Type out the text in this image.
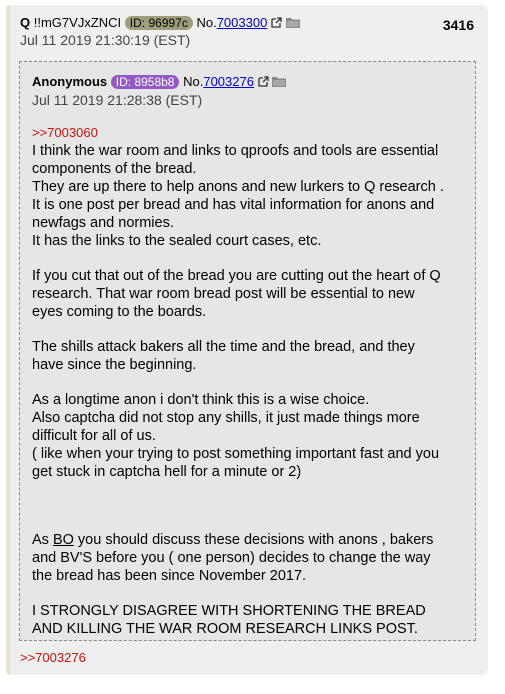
Q !!mG7VJxZNCI ID: 96997c No.7003300
Jul 11 2019 21:30:19 (EST)
3416
Anonymous ID: 8958b8 No.7003276
Jul 11 2019 21:28:38 (EST)

>>7003060

I think the war room and links to qproofs and tools are essential

components of the bread.

They are up there to help anons and new lurkers to Q research .

It is one post per bread and has vital information for anons and

newfags and normies.

It has the links to the sealed court cases, etc.

If you cut that out of the bread you are cutting out the heart of Q

research. That war room bread post will be essential to new

eyes coming to the boards.

The shills attack bakers all the time and the bread, and they

have since the beginning.

As a longtime anon i don't think this is a wise choice.

Also captcha did not stop any shills, it just made things more

difficult for all of us.

( like when your trying to post something important fast and you

get stuck in captcha hell for a minute or 2)

As BO you should discuss these decisions with anons , bakers

and BV'S before you ( one person) decides to change the way

the bread has been since November 2017.

I STRONGLY DISAGREE WITH SHORTENING THE BREAD

AND KILLING THE WAR ROOM RESEARCH LINKS POST.

>>7003276
